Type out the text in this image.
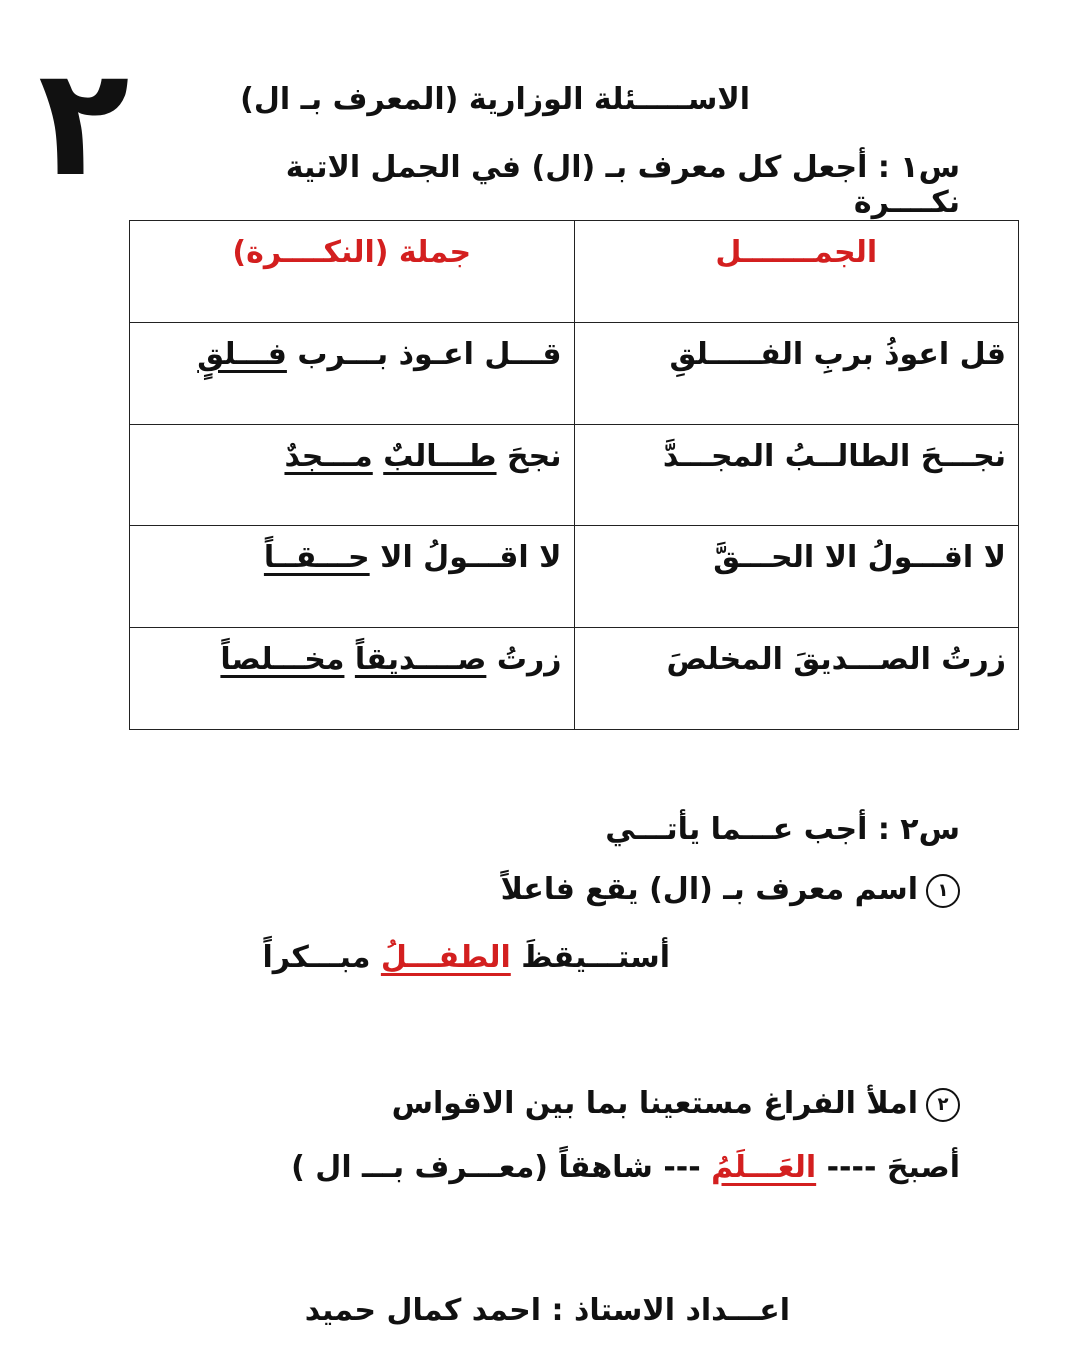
٢	الاســـــئلة الوزارية (المعرف بـ ال)
س١ : أجعل كل معرف بـ (ال) في الجمل الاتية نكــــرة
الجمـــــــل	جملة (النكــــرة)
قل اعوذُ بربِ الفـــــلقِ	قـــل اعـوذ بـــرب فـــلقٍ
نجـــحَ الطالــبُ المجـــدَّ	نجحَ طـــالبٌ مـــجدٌ
لا اقـــولُ الا الحـــقَّ	لا اقـــولُ الا حـــقــاً
زرتُ الصـــديقَ المخلصَ	زرتُ صــــديقاً مخـــلصاً
س٢ : أجب عـــما يأتـــي
١اسم معرف بـ (ال) يقع فاعلاً
أستـــيقظَ الطفـــلُ مبـــكراً
٢املأ الفراغ مستعينا بما بين الاقواس
أصبحَ ---- العَـــلَمُ --- شاهقاً (معـــرف بـــ ال )
اعـــداد الاستاذ : احمد كمال حميد
